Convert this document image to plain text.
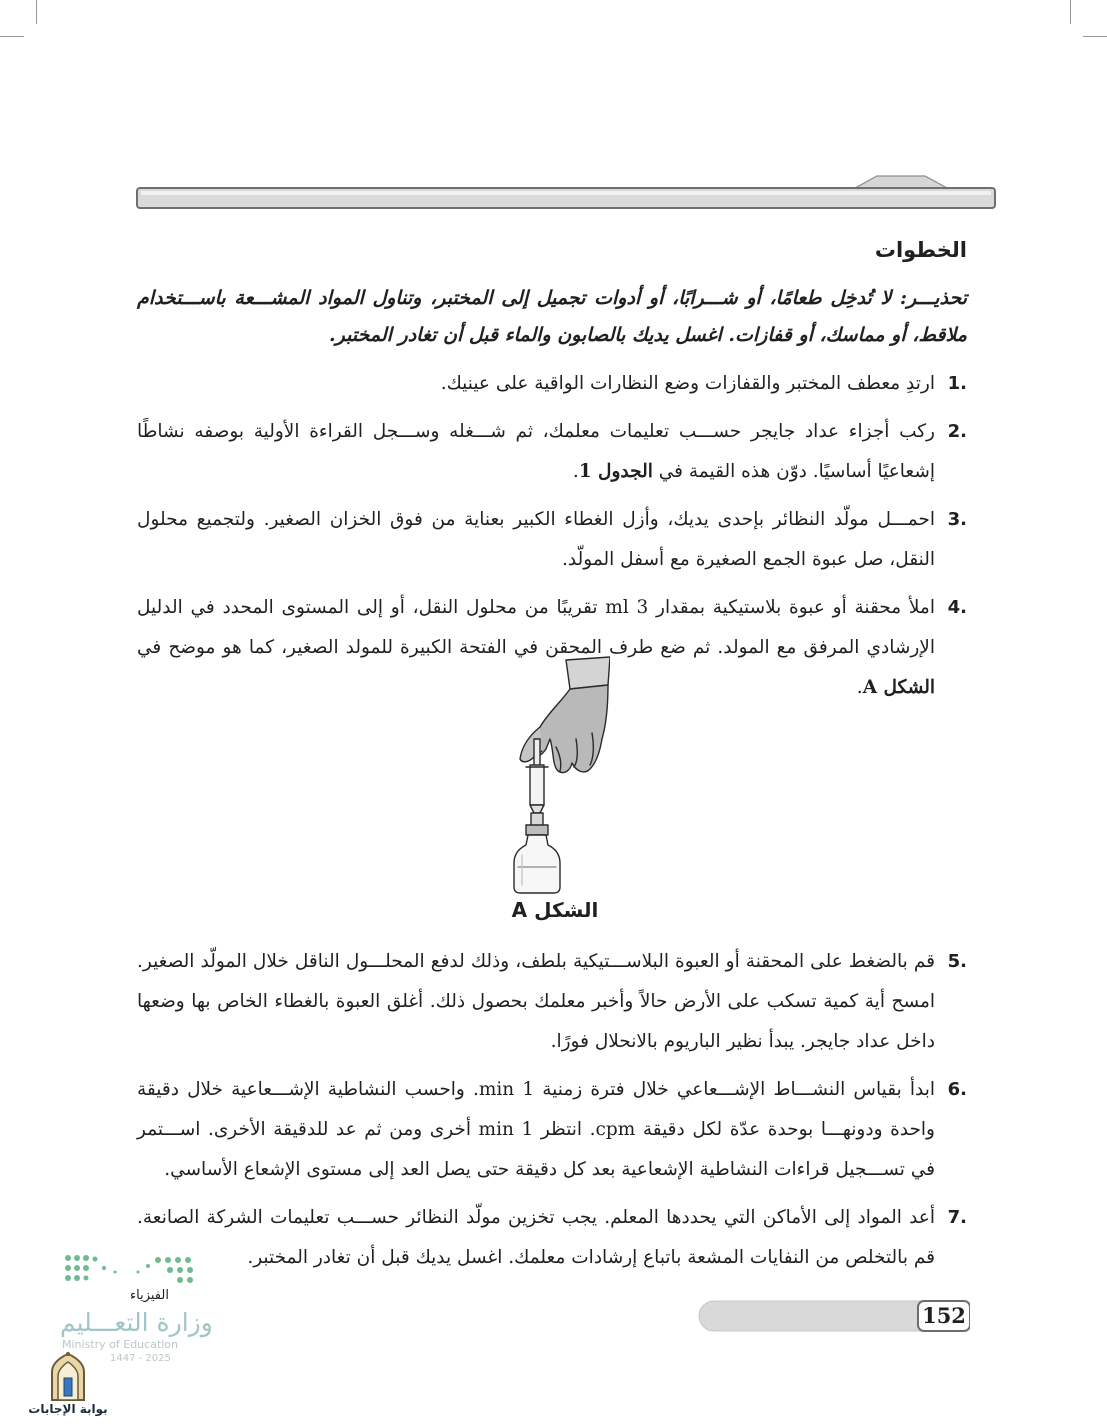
الخطوات

تحذيـــر: لا تُدخِل طعامًا، أو شـــرابًا، أو أدوات تجميل إلى المختبر، وتناول المواد المشـــعة باســـتخدام ملاقط، أو مماسك، أو قفازات. اغسل يديك بالصابون والماء قبل أن تغادر المختبر.

.1
ارتدِ معطف المختبر والقفازات وضع النظارات الواقية على عينيك.
.2
ركب أجزاء عداد جايجر حســـب تعليمات معلمك، ثم شـــغله وســـجل القراءة الأولية بوصفه نشاطًا إشعاعيًا أساسيًا. دوّن هذه القيمة في الجدول 1.
.3
احمـــل مولّد النظائر بإحدى يديك، وأزل الغطاء الكبير بعناية من فوق الخزان الصغير. ولتجميع محلول النقل، صل عبوة الجمع الصغيرة مع أسفل المولّد.
.4
املأ محقنة أو عبوة بلاستيكية بمقدار 3 ml تقريبًا من محلول النقل، أو إلى المستوى المحدد في الدليل الإرشادي المرفق مع المولد. ثم ضع طرف المحقن في الفتحة الكبيرة للمولد الصغير، كما هو موضح في الشكل A.
الشكل A
.5
قم بالضغط على المحقنة أو العبوة البلاســـتيكية بلطف، وذلك لدفع المحلـــول الناقل خلال المولّد الصغير. امسح أية كمية تسكب على الأرض حالاً وأخبر معلمك بحصول ذلك. أغلق العبوة بالغطاء الخاص بها وضعها داخل عداد جايجر. يبدأ نظير الباريوم بالانحلال فورًا.
.6
ابدأ بقياس النشـــاط الإشـــعاعي خلال فترة زمنية 1 min. واحسب النشاطية الإشـــعاعية خلال دقيقة واحدة ودونهـــا بوحدة عدّة لكل دقيقة cpm. انتظر 1 min أخرى ومن ثم عد للدقيقة الأخرى. اســـتمر في تســـجيل قراءات النشاطية الإشعاعية بعد كل دقيقة حتى يصل العد إلى مستوى الإشعاع الأساسي.
.7
أعد المواد إلى الأماكن التي يحددها المعلم. يجب تخزين مولّد النظائر حســـب تعليمات الشركة الصانعة. قم بالتخلص من النفايات المشعة باتباع إرشادات معلمك. اغسل يديك قبل أن تغادر المختبر.
152
الفيزياء
وزارة التعـــليم
Ministry of Education
2025 - 1447
بوابة الإجابات
